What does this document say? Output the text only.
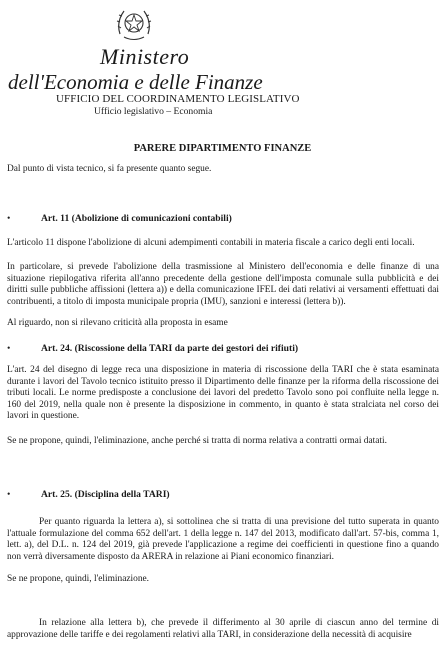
Ministero
dell'Economia e delle Finanze
UFFICIO DEL COORDINAMENTO LEGISLATIVO
Ufficio legislativo – Economia
PARERE DIPARTIMENTO FINANZE
Dal punto di vista tecnico, si fa presente quanto segue.
•	Art. 11 (Abolizione di comunicazioni contabili)
L'articolo 11 dispone l'abolizione di alcuni adempimenti contabili in materia fiscale a carico degli enti locali.
In particolare, si prevede l'abolizione della trasmissione al Ministero dell'economia e delle finanze di una situazione riepilogativa riferita all'anno precedente della gestione dell'imposta comunale sulla pubblicità e dei diritti sulle pubbliche affissioni (lettera a)) e della comunicazione IFEL dei dati relativi ai versamenti effettuati dai contribuenti, a titolo di imposta municipale propria (IMU), sanzioni e interessi (lettera b)).
Al riguardo, non si rilevano criticità alla proposta in esame
•	Art. 24. (Riscossione della TARI da parte dei gestori dei rifiuti)
L'art. 24 del disegno di legge reca una disposizione in materia di riscossione della TARI che è stata esaminata durante i lavori del Tavolo tecnico istituito presso il Dipartimento delle finanze per la riforma della riscossione dei tributi locali. Le norme predisposte a conclusione dei lavori del predetto Tavolo sono poi confluite nella legge n. 160 del 2019, nella quale non è presente la disposizione in commento, in quanto è stata stralciata nel corso dei lavori in questione.
Se ne propone, quindi, l'eliminazione, anche perché si tratta di norma relativa a contratti ormai datati.
•	Art. 25. (Disciplina della TARI)
Per quanto riguarda la lettera a), si sottolinea che si tratta di una previsione del tutto superata in quanto l'attuale formulazione del comma 652 dell'art. 1 della legge n. 147 del 2013, modificato dall'art. 57-bis, comma 1, lett. a), del D.L. n. 124 del 2019, già prevede l'applicazione a regime dei coefficienti in questione fino a quando non verrà diversamente disposto da ARERA in relazione ai Piani economico finanziari.
Se ne propone, quindi, l'eliminazione.
In relazione alla lettera b), che prevede il differimento al 30 aprile di ciascun anno del termine di approvazione delle tariffe e dei regolamenti relativi alla TARI, in considerazione della necessità di acquisire
